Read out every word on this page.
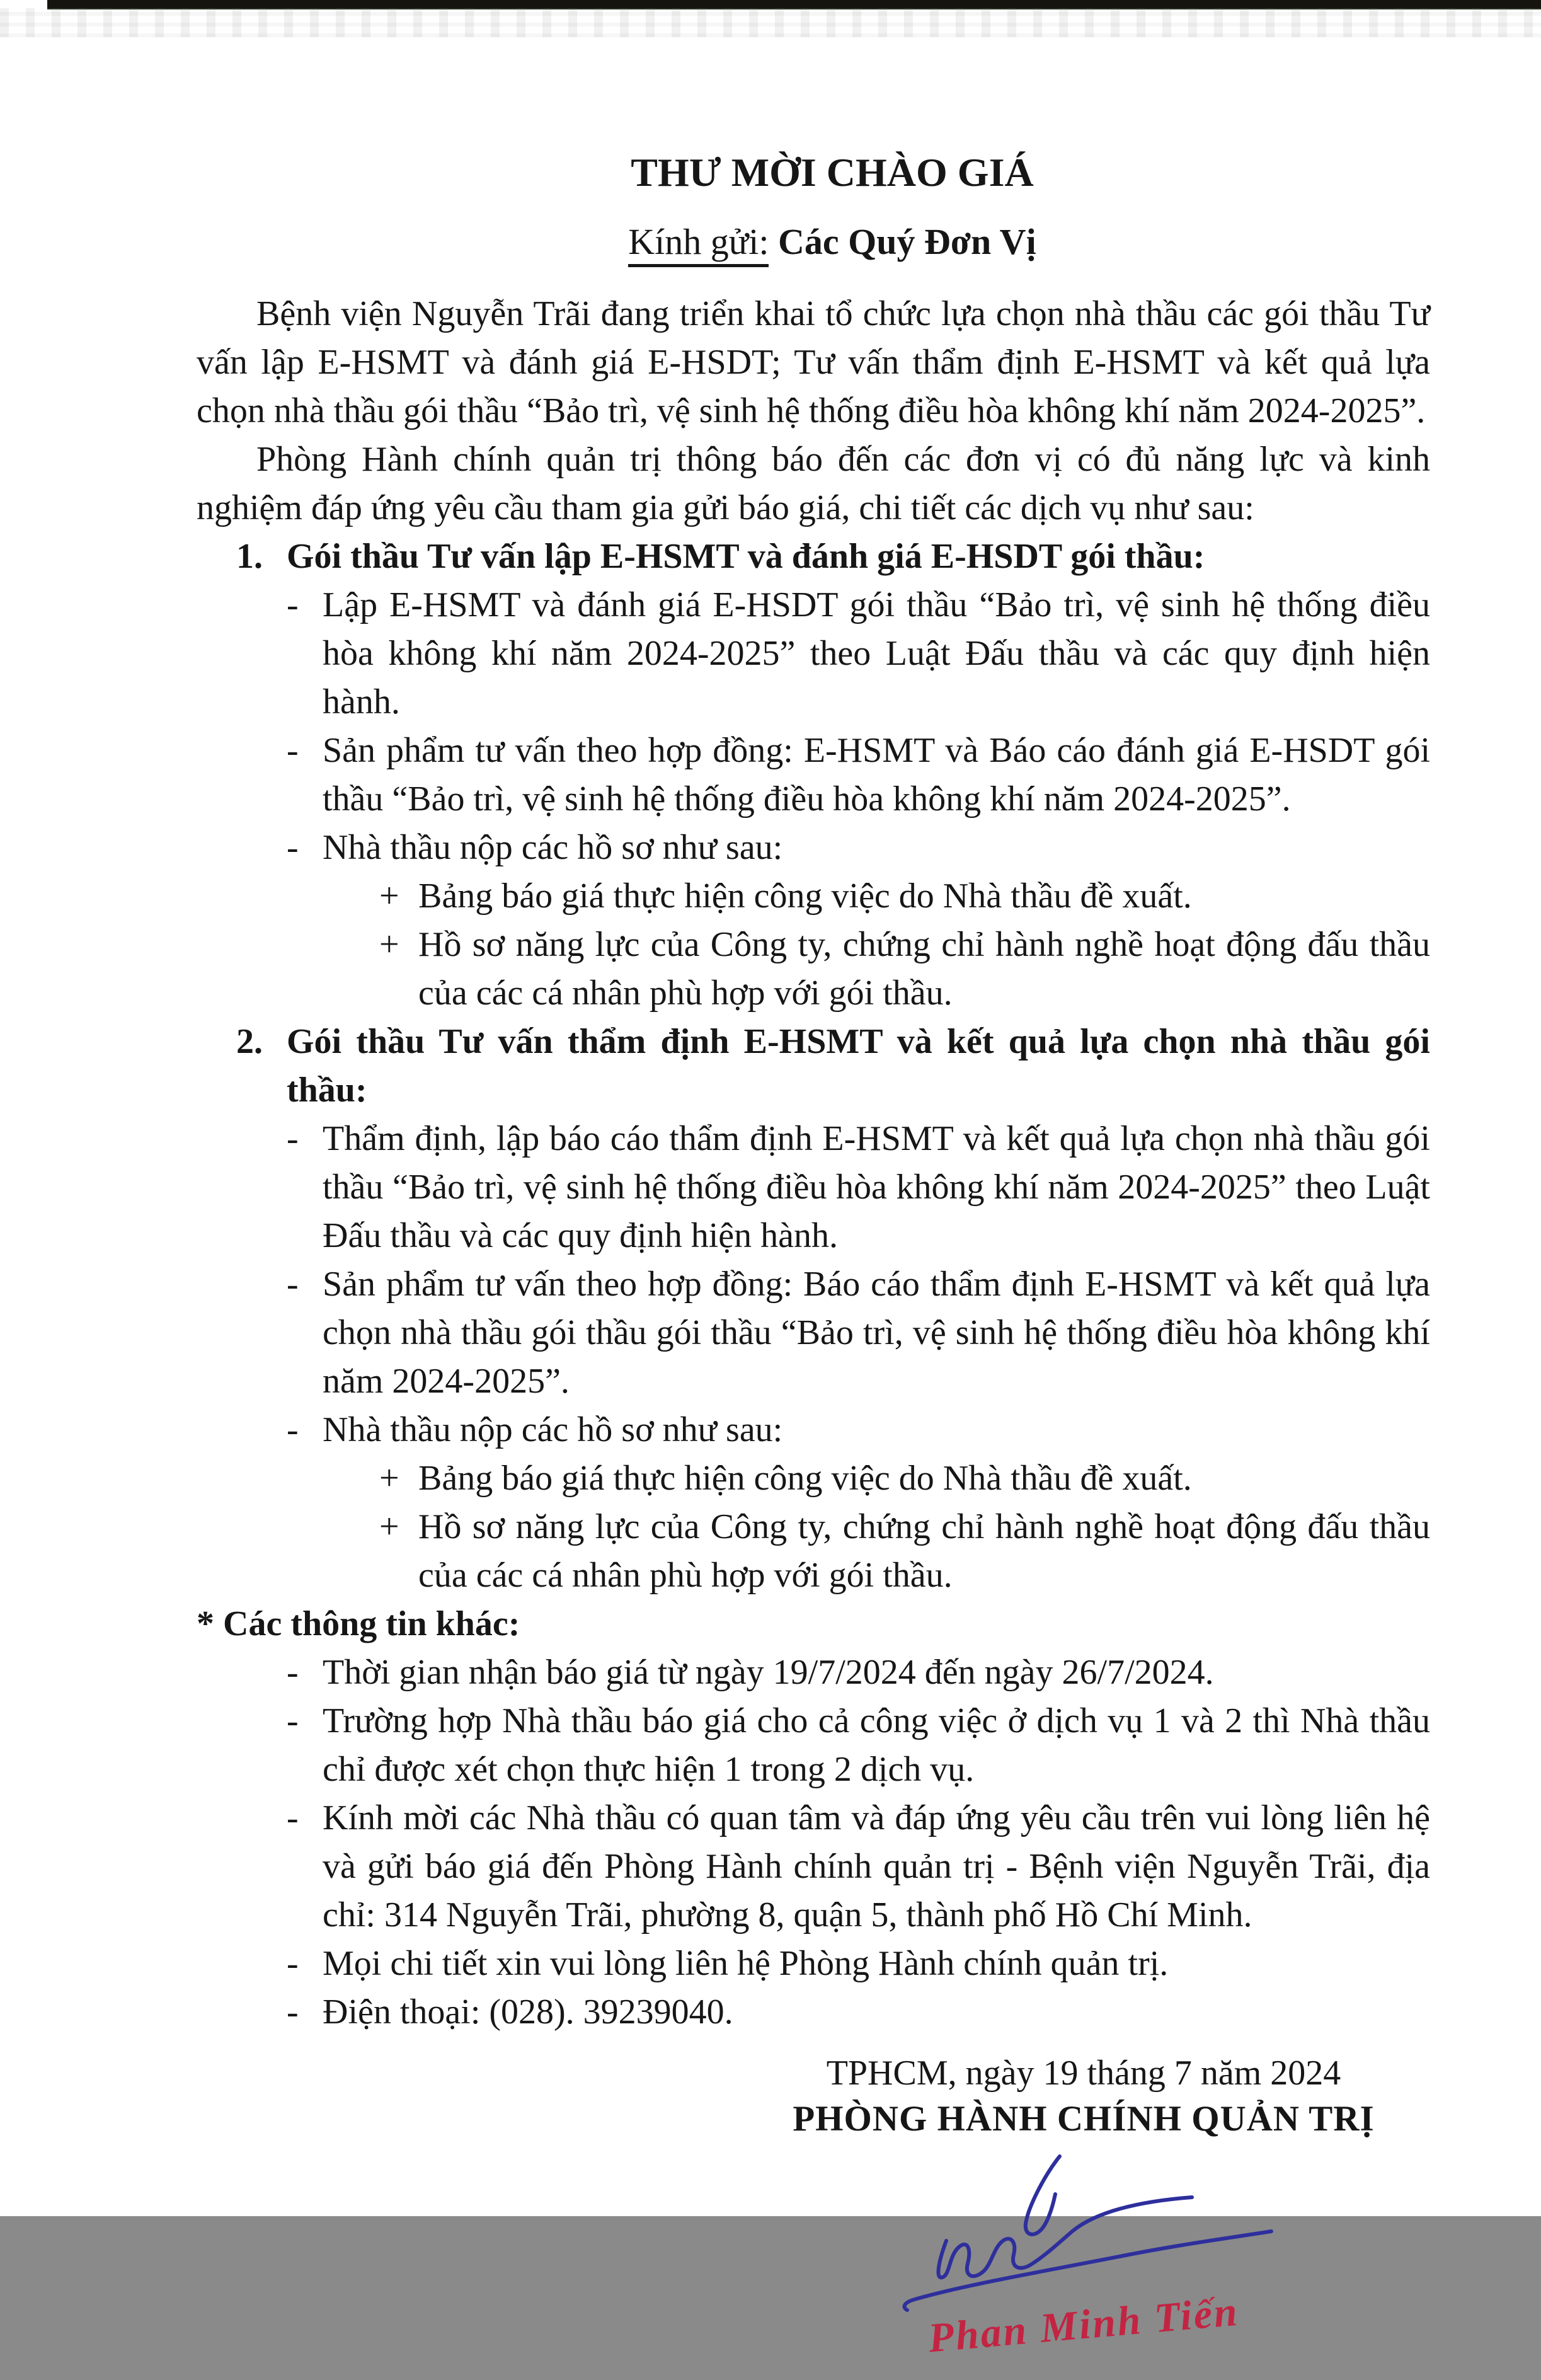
THƯ MỜI CHÀO GIÁ
Kính gửi: Các Quý Đơn Vị

Bệnh viện Nguyễn Trãi đang triển khai tổ chức lựa chọn nhà thầu các gói thầu Tư vấn lập E-HSMT và đánh giá E-HSDT; Tư vấn thẩm định E-HSMT và kết quả lựa chọn nhà thầu gói thầu “Bảo trì, vệ sinh hệ thống điều hòa không khí năm 2024-2025”.

Phòng Hành chính quản trị thông báo đến các đơn vị có đủ năng lực và kinh nghiệm đáp ứng yêu cầu tham gia gửi báo giá, chi tiết các dịch vụ như sau:

1. Gói thầu Tư vấn lập E-HSMT và đánh giá E-HSDT gói thầu:
- Lập E-HSMT và đánh giá E-HSDT gói thầu “Bảo trì, vệ sinh hệ thống điều hòa không khí năm 2024-2025” theo Luật Đấu thầu và các quy định hiện hành.
- Sản phẩm tư vấn theo hợp đồng: E-HSMT và Báo cáo đánh giá E-HSDT gói thầu “Bảo trì, vệ sinh hệ thống điều hòa không khí năm 2024-2025”.
- Nhà thầu nộp các hồ sơ như sau:
+ Bảng báo giá thực hiện công việc do Nhà thầu đề xuất.
+ Hồ sơ năng lực của Công ty, chứng chỉ hành nghề hoạt động đấu thầu của các cá nhân phù hợp với gói thầu.
2. Gói thầu Tư vấn thẩm định E-HSMT và kết quả lựa chọn nhà thầu gói thầu:
- Thẩm định, lập báo cáo thẩm định E-HSMT và kết quả lựa chọn nhà thầu gói thầu “Bảo trì, vệ sinh hệ thống điều hòa không khí năm 2024-2025” theo Luật Đấu thầu và các quy định hiện hành.
- Sản phẩm tư vấn theo hợp đồng: Báo cáo thẩm định E-HSMT và kết quả lựa chọn nhà thầu gói thầu gói thầu “Bảo trì, vệ sinh hệ thống điều hòa không khí năm 2024-2025”.
- Nhà thầu nộp các hồ sơ như sau:
+ Bảng báo giá thực hiện công việc do Nhà thầu đề xuất.
+ Hồ sơ năng lực của Công ty, chứng chỉ hành nghề hoạt động đấu thầu của các cá nhân phù hợp với gói thầu.
* Các thông tin khác:
- Thời gian nhận báo giá từ ngày 19/7/2024 đến ngày 26/7/2024.
- Trường hợp Nhà thầu báo giá cho cả công việc ở dịch vụ 1 và 2 thì Nhà thầu chỉ được xét chọn thực hiện 1 trong 2 dịch vụ.
- Kính mời các Nhà thầu có quan tâm và đáp ứng yêu cầu trên vui lòng liên hệ và gửi báo giá đến Phòng Hành chính quản trị - Bệnh viện Nguyễn Trãi, địa chỉ: 314 Nguyễn Trãi, phường 8, quận 5, thành phố Hồ Chí Minh.
- Mọi chi tiết xin vui lòng liên hệ Phòng Hành chính quản trị.
- Điện thoại: (028). 39239040.
TPHCM, ngày 19 tháng 7 năm 2024
PHÒNG HÀNH CHÍNH QUẢN TRỊ
Phan Minh Tiến
